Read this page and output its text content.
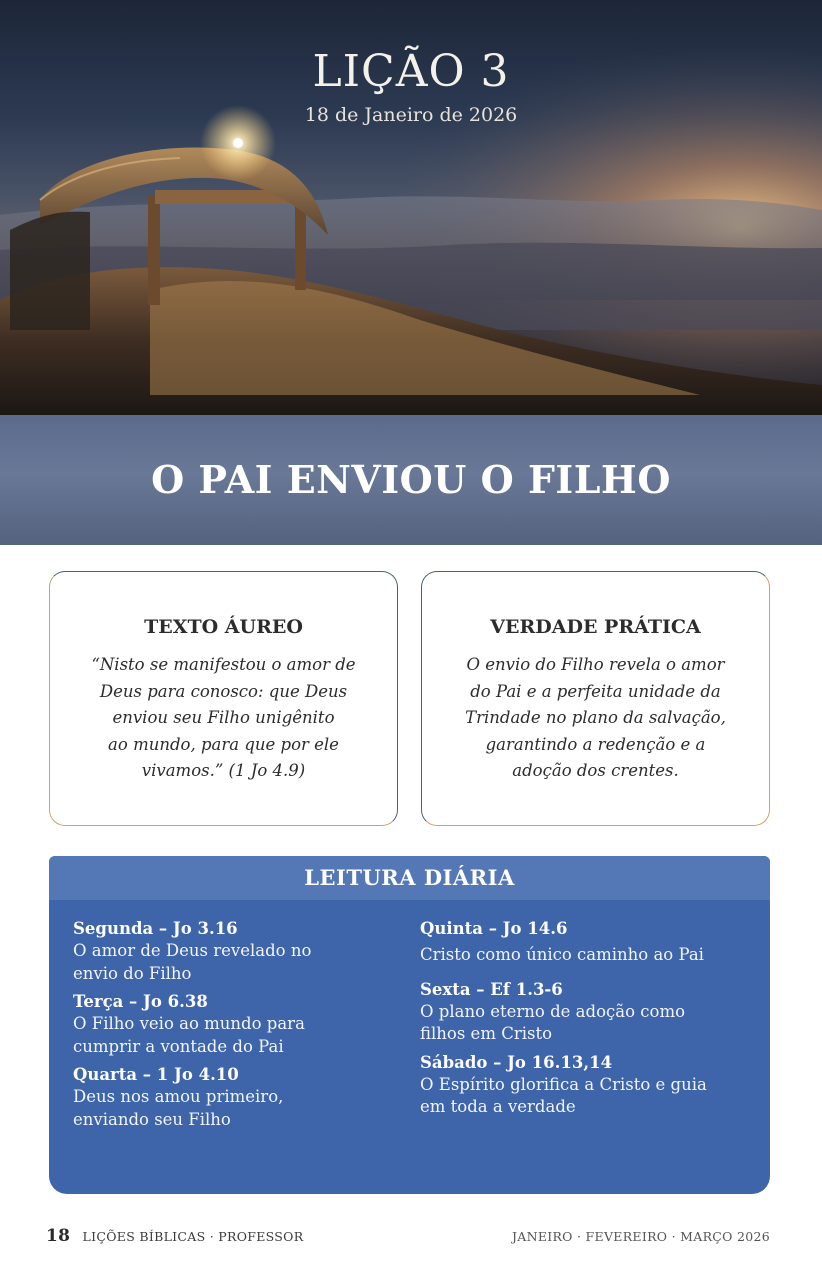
LIÇÃO 3
18 de Janeiro de 2026
O PAI ENVIOU O FILHO
TEXTO ÁUREO
“Nisto se manifestou o amor de
Deus para conosco: que Deus
enviou seu Filho unigênito
ao mundo, para que por ele
vivamos.” (1 Jo 4.9)
VERDADE PRÁTICA
O envio do Filho revela o amor
do Pai e a perfeita unidade da
Trindade no plano da salvação,
garantindo a redenção e a
adoção dos crentes.
LEITURA DIÁRIA
Segunda – Jo 3.16
O amor de Deus revelado no
envio do Filho
Terça – Jo 6.38
O Filho veio ao mundo para
cumprir a vontade do Pai
Quarta – 1 Jo 4.10
Deus nos amou primeiro,
enviando seu Filho
Quinta – Jo 14.6
Cristo como único caminho ao Pai
Sexta – Ef 1.3-6
O plano eterno de adoção como
filhos em Cristo
Sábado – Jo 16.13,14
O Espírito glorifica a Cristo e guia
em toda a verdade
18 LIÇÕES BÍBLICAS · PROFESSOR	JANEIRO · FEVEREIRO · MARÇO 2026
